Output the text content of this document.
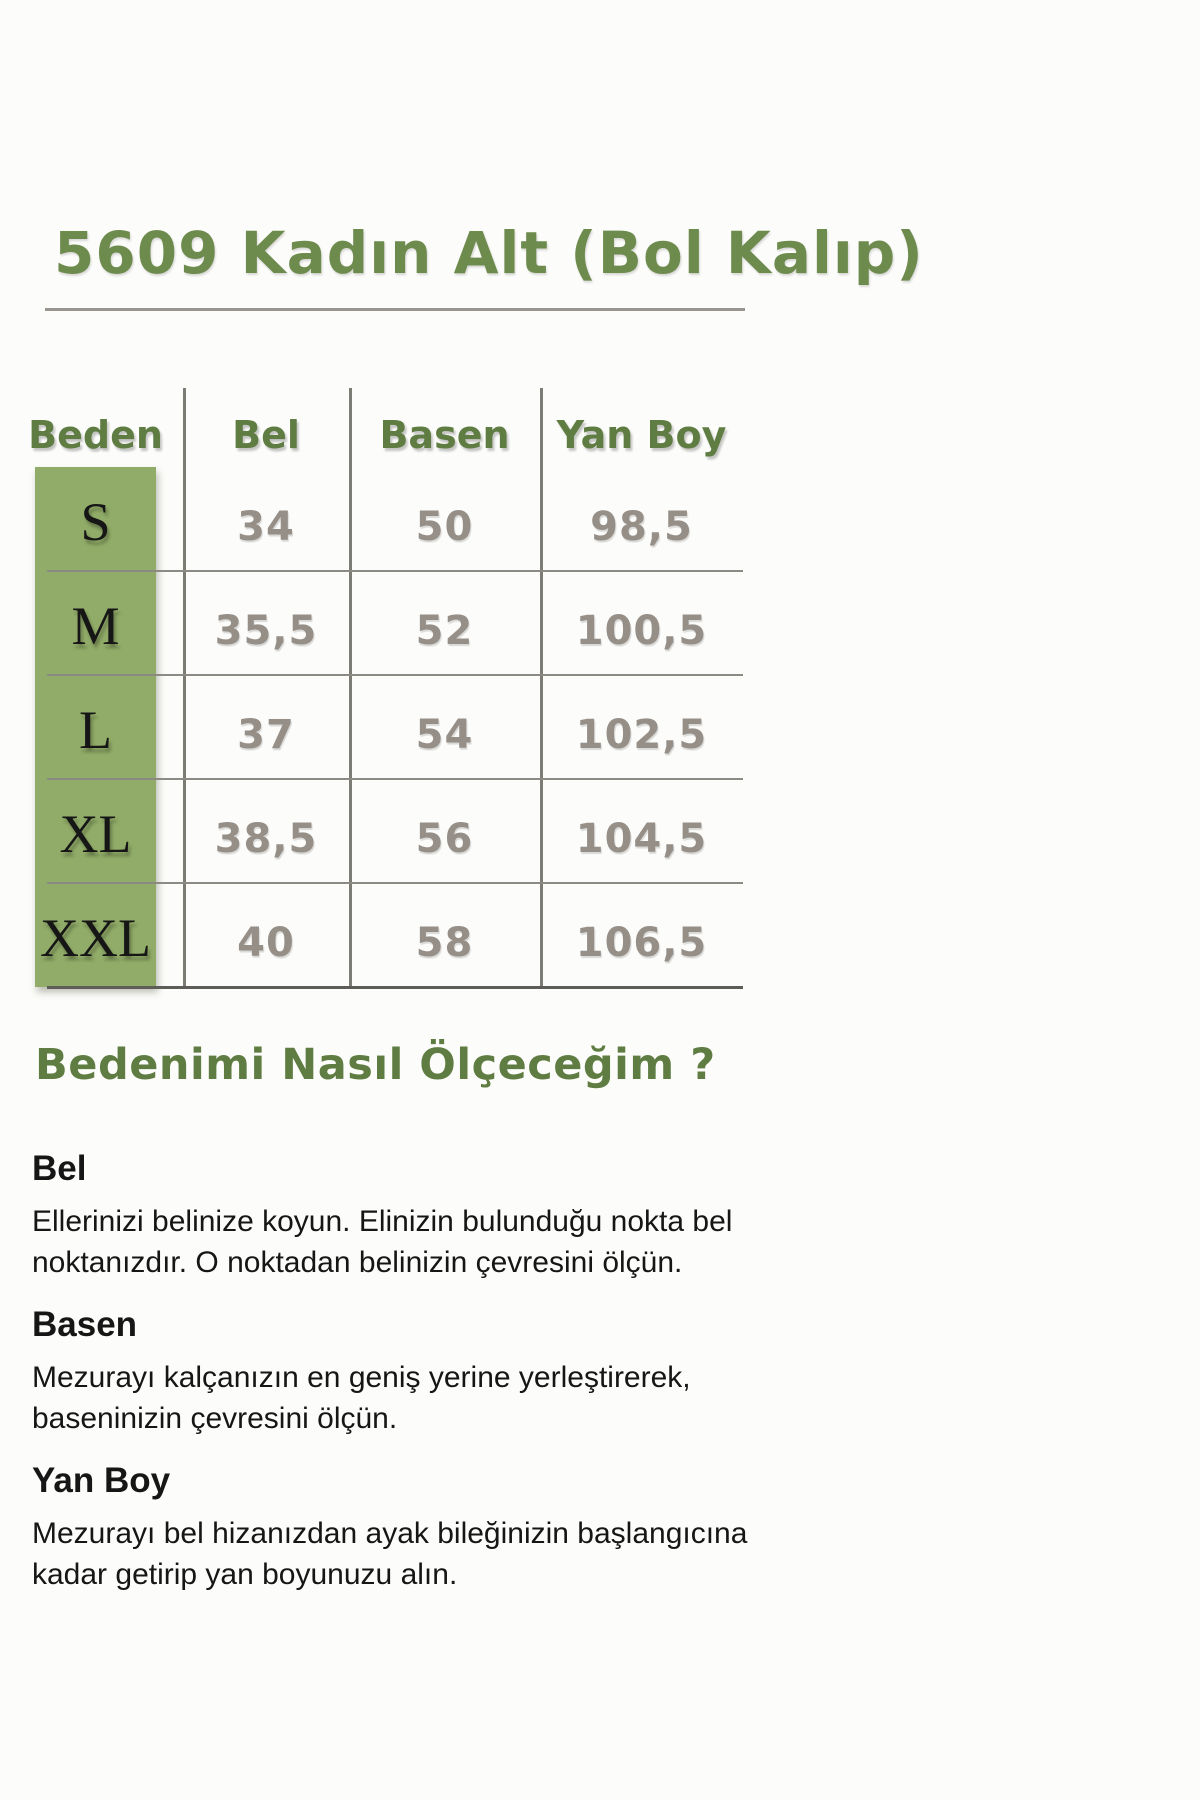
5609 Kadın Alt (Bol Kalıp)
Beden	Bel	Basen	Yan Boy
S	34	50	98,5
M	35,5	52	100,5
L	37	54	102,5
XL	38,5	56	104,5
XXL	40	58	106,5
Bedenimi Nasıl Ölçeceğim ?
Bel

Ellerinizi belinize koyun. Elinizin bulunduğu nokta bel
noktanızdır. O noktadan belinizin çevresini ölçün.

Basen

Mezurayı kalçanızın en geniş yerine yerleştirerek,
baseninizin çevresini ölçün.

Yan Boy

Mezurayı bel hizanızdan ayak bileğinizin başlangıcına
kadar getirip yan boyunuzu alın.
